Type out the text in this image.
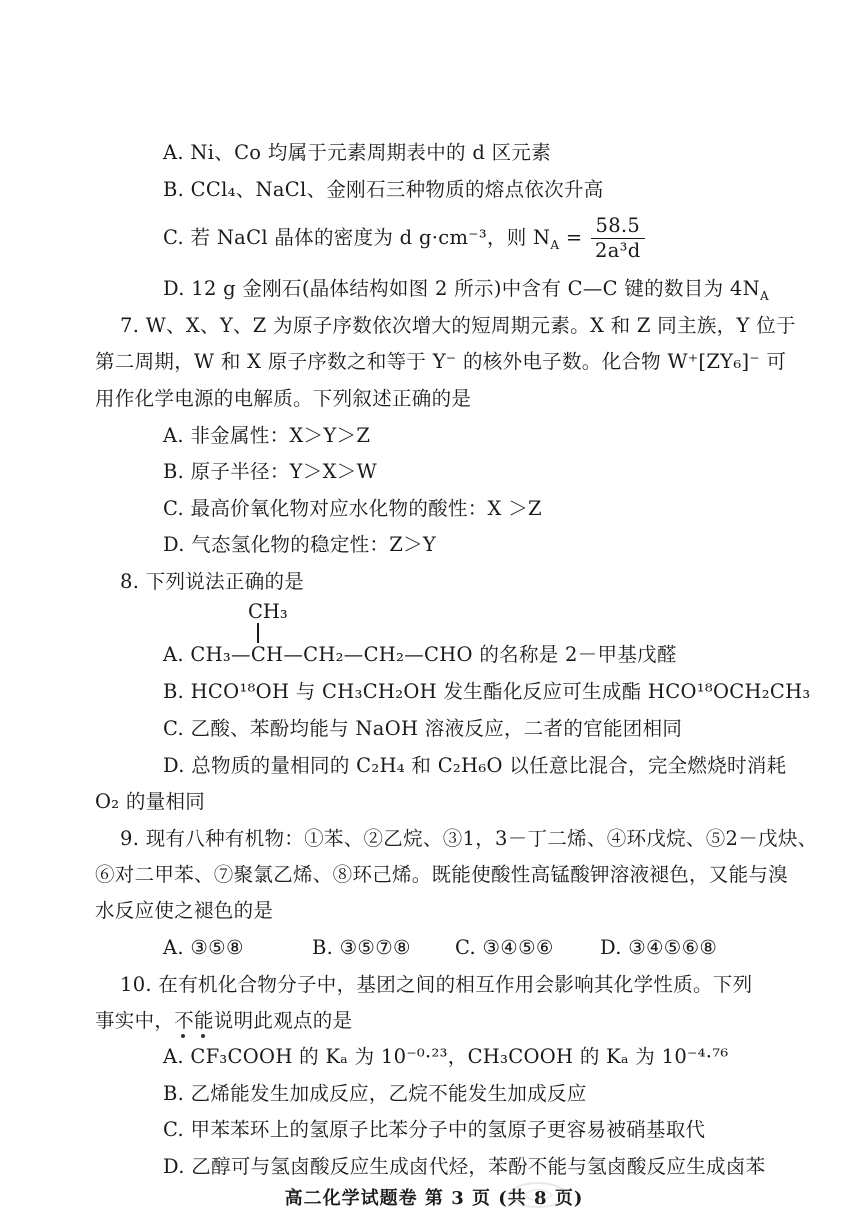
A. Ni、Co 均属于元素周期表中的 d 区元素
B. CCl₄、NaCl、金刚石三种物质的熔点依次升高
C. 若 NaCl 晶体的密度为 d g·cm⁻³，则 $N_A = \frac{58.5}{\text{2a³d}}$
D. 12 g 金刚石(晶体结构如图 2 所示)中含有 C—C 键的数目为 $4N_A$
7. W、X、Y、Z 为原子序数依次增大的短周期元素。X 和 Z 同主族，Y 位于
第二周期，W 和 X 原子序数之和等于 Y⁻ 的核外电子数。化合物 W⁺[ZY₆]⁻ 可
用作化学电源的电解质。下列叙述正确的是
A. 非金属性：X＞Y＞Z
B. 原子半径：Y＞X＞W
C. 最高价氧化物对应水化物的酸性：X ＞Z
D. 气态氢化物的稳定性：Z＞Y
8. 下列说法正确的是
CH₃
A. CH₃—CH—CH₂—CH₂—CHO 的名称是 2－甲基戊醛
B. HCO¹⁸OH 与 CH₃CH₂OH 发生酯化反应可生成酯 HCO¹⁸OCH₂CH₃
C. 乙酸、苯酚均能与 NaOH 溶液反应，二者的官能团相同
D. 总物质的量相同的 C₂H₄ 和 C₂H₆O 以任意比混合，完全燃烧时消耗
O₂ 的量相同
9. 现有八种有机物：①苯、②乙烷、③1，3－丁二烯、④环戊烷、⑤2－戊炔、
⑥对二甲苯、⑦聚氯乙烯、⑧环己烯。既能使酸性高锰酸钾溶液褪色，又能与溴
水反应使之褪色的是
A. ③⑤⑧	B. ③⑤⑦⑧ C. ③④⑤⑥ D. ③④⑤⑥⑧
10. 在有机化合物分子中，基团之间的相互作用会影响其化学性质。下列
事实中，不能说明此观点的是
A. CF₃COOH 的 Kₐ 为 10⁻⁰·²³，CH₃COOH 的 Kₐ 为 10⁻⁴·⁷⁶
B. 乙烯能发生加成反应，乙烷不能发生加成反应
C. 甲苯苯环上的氢原子比苯分子中的氢原子更容易被硝基取代
D. 乙醇可与氢卤酸反应生成卤代烃，苯酚不能与氢卤酸反应生成卤苯
高二化学试题卷 第 3 页 (共 8 页)
